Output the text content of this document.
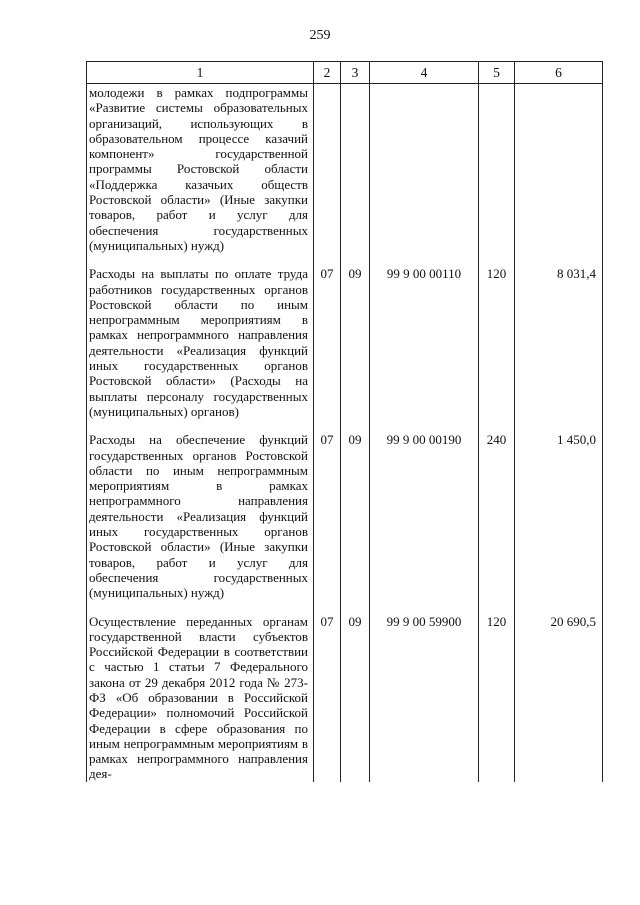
259
1	2	3	4	5	6
молодежи в рамках подпрограммы «Развитие системы образовательных организаций, использующих в образовательном процессе казачий компонент» государственной программы Ростовской области «Поддержка казачьих обществ Ростовской области» (Иные закупки товаров, работ и услуг для обеспечения государственных (муниципальных) нужд)					
Расходы на выплаты по оплате труда работников государственных органов Ростовской области по иным непрограммным мероприятиям в рамках непрограммного направления деятельности «Реализация функций иных государственных органов Ростовской области» (Расходы на выплаты персоналу государственных (муниципальных) органов)	07	09	99 9 00 00110	120	8 031,4
Расходы на обеспечение функций государственных органов Ростовской области по иным непрограммным мероприятиям в рамках непрограммного направления деятельности «Реализация функций иных государственных органов Ростовской области» (Иные закупки товаров, работ и услуг для обеспечения государственных (муниципальных) нужд)	07	09	99 9 00 00190	240	1 450,0
Осуществление переданных органам государственной власти субъектов Российской Федерации в соответствии с частью 1 статьи 7 Федерального закона от 29 декабря 2012 года № 273-ФЗ «Об образовании в Российской Федерации» полномочий Российской Федерации в сфере образования по иным непрограммным мероприятиям в рамках непрограммного направления дея-	07	09	99 9 00 59900	120	20 690,5
